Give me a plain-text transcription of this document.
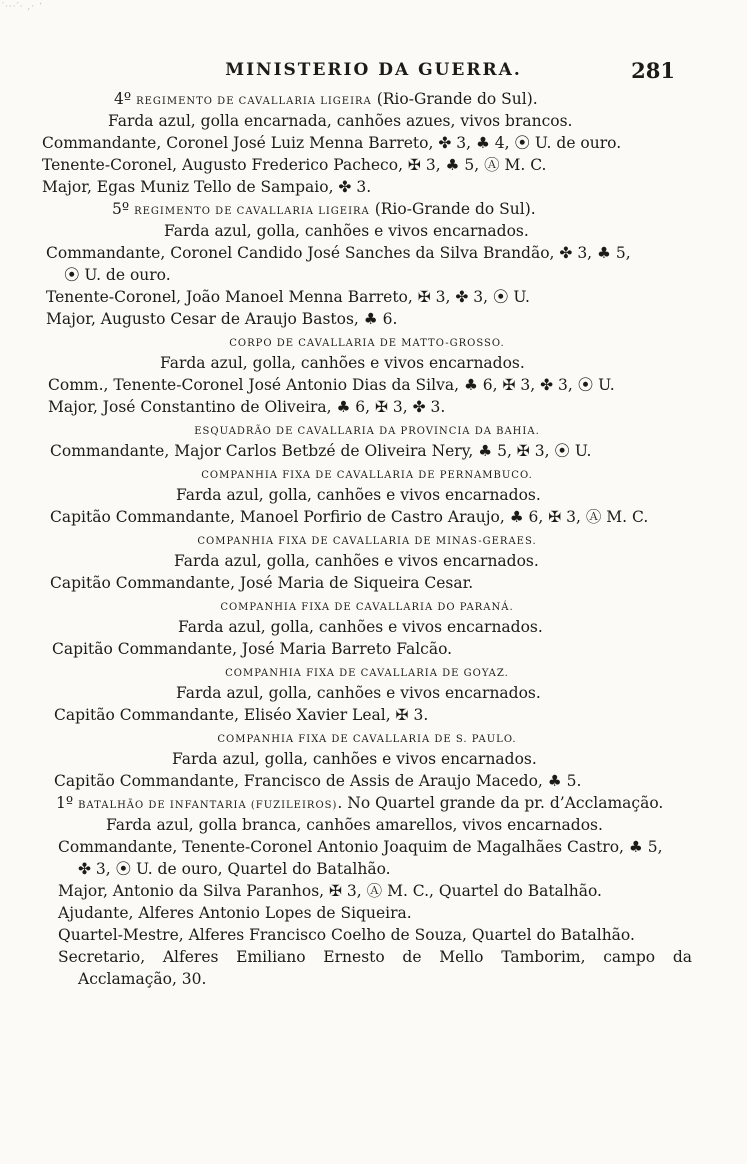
′···′· ,· ‘
MINISTERIO DA GUERRA.	281
4º REGIMENTO DE CAVALLARIA LIGEIRA (Rio-Grande do Sul).
Farda azul, golla encarnada, canhões azues, vivos brancos.
Commandante, Coronel José Luiz Menna Barreto, ✤ 3, ♣ 4, ⦿ U. de ouro.
Tenente-Coronel, Augusto Frederico Pacheco, ✠ 3, ♣ 5, Ⓐ M. C.
Major, Egas Muniz Tello de Sampaio, ✤ 3.
5º REGIMENTO DE CAVALLARIA LIGEIRA (Rio-Grande do Sul).
Farda azul, golla, canhões e vivos encarnados.
Commandante, Coronel Candido José Sanches da Silva Brandão, ✤ 3, ♣ 5,
⦿ U. de ouro.
Tenente-Coronel, João Manoel Menna Barreto, ✠ 3, ✤ 3, ⦿ U.
Major, Augusto Cesar de Araujo Bastos, ♣ 6.
CORPO DE CAVALLARIA DE MATTO-GROSSO.
Farda azul, golla, canhões e vivos encarnados.
Comm., Tenente-Coronel José Antonio Dias da Silva, ♣ 6, ✠ 3, ✤ 3, ⦿ U.
Major, José Constantino de Oliveira, ♣ 6, ✠ 3, ✤ 3.
ESQUADRÃO DE CAVALLARIA DA PROVINCIA DA BAHIA.
Commandante, Major Carlos Betbzé de Oliveira Nery, ♣ 5, ✠ 3, ⦿ U.
COMPANHIA FIXA DE CAVALLARIA DE PERNAMBUCO.
Farda azul, golla, canhões e vivos encarnados.
Capitão Commandante, Manoel Porfirio de Castro Araujo, ♣ 6, ✠ 3, Ⓐ M. C.
COMPANHIA FIXA DE CAVALLARIA DE MINAS-GERAES.
Farda azul, golla, canhões e vivos encarnados.
Capitão Commandante, José Maria de Siqueira Cesar.
COMPANHIA FIXA DE CAVALLARIA DO PARANÁ.
Farda azul, golla, canhões e vivos encarnados.
Capitão Commandante, José Maria Barreto Falcão.
COMPANHIA FIXA DE CAVALLARIA DE GOYAZ.
Farda azul, golla, canhões e vivos encarnados.
Capitão Commandante, Eliséo Xavier Leal, ✠ 3.
COMPANHIA FIXA DE CAVALLARIA DE S. PAULO.
Farda azul, golla, canhões e vivos encarnados.
Capitão Commandante, Francisco de Assis de Araujo Macedo, ♣ 5.
1º BATALHÃO DE INFANTARIA (FUZILEIROS). No Quartel grande da pr. d’Acclamação.
Farda azul, golla branca, canhões amarellos, vivos encarnados.
Commandante, Tenente-Coronel Antonio Joaquim de Magalhães Castro, ♣ 5,
✤ 3, ⦿ U. de ouro, Quartel do Batalhão.
Major, Antonio da Silva Paranhos, ✠ 3, Ⓐ M. C., Quartel do Batalhão.
Ajudante, Alferes Antonio Lopes de Siqueira.
Quartel-Mestre, Alferes Francisco Coelho de Souza, Quartel do Batalhão.
Secretario, Alferes Emiliano Ernesto de Mello Tamborim, campo da
Acclamação, 30.
